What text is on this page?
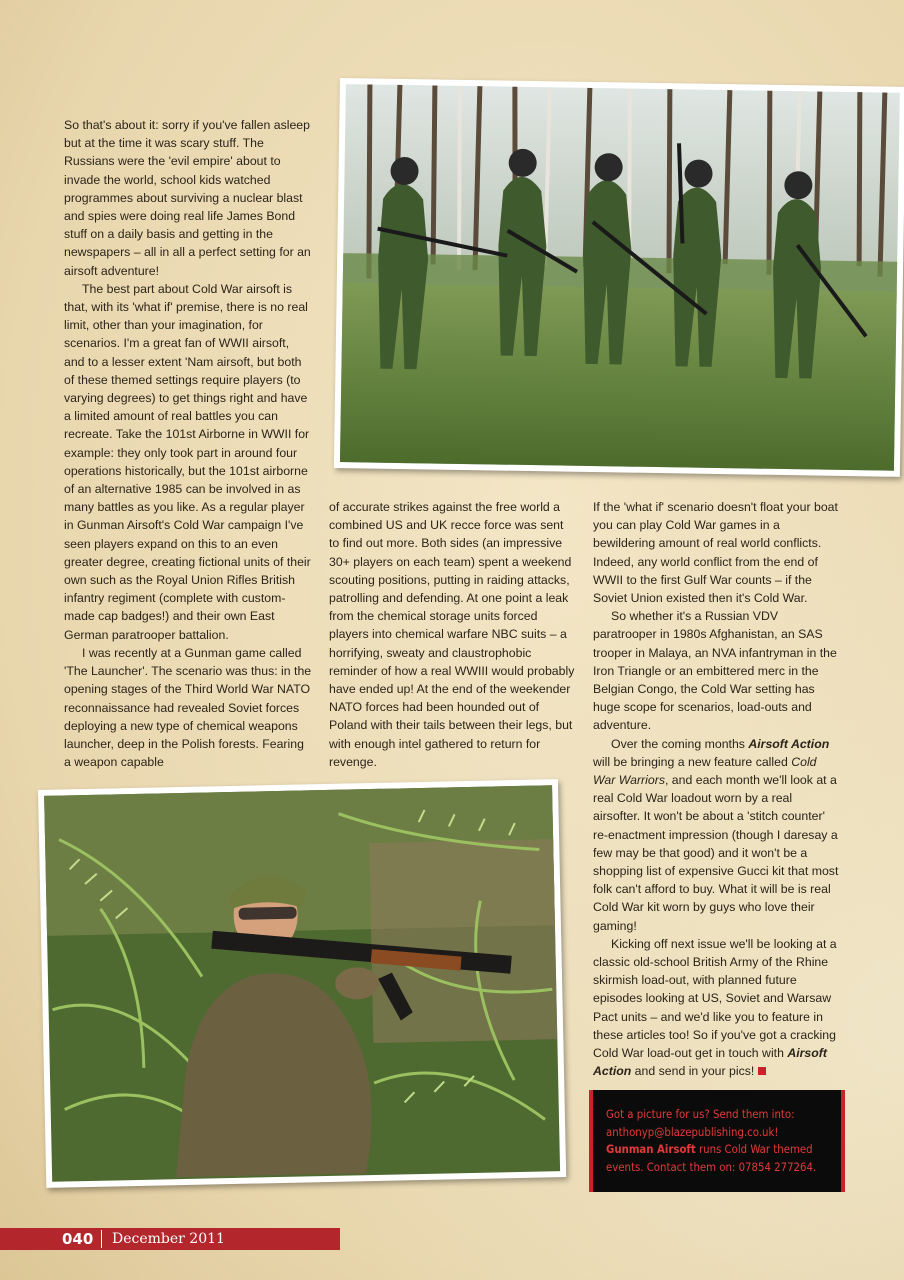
So that's about it: sorry if you've fallen asleep but at the time it was scary stuff. The Russians were the 'evil empire' about to invade the world, school kids watched programmes about surviving a nuclear blast and spies were doing real life James Bond stuff on a daily basis and getting in the newspapers – all in all a perfect setting for an airsoft adventure!

The best part about Cold War airsoft is that, with its 'what if' premise, there is no real limit, other than your imagination, for scenarios. I'm a great fan of WWII airsoft, and to a lesser extent 'Nam airsoft, but both of these themed settings require players (to varying degrees) to get things right and have a limited amount of real battles you can recreate. Take the 101st Airborne in WWII for example: they only took part in around four operations historically, but the 101st airborne of an alternative 1985 can be involved in as many battles as you like. As a regular player in Gunman Airsoft's Cold War campaign I've seen players expand on this to an even greater degree, creating fictional units of their own such as the Royal Union Rifles British infantry regiment (complete with custom-made cap badges!) and their own East German paratrooper battalion.

I was recently at a Gunman game called 'The Launcher'. The scenario was thus: in the opening stages of the Third World War NATO reconnaissance had revealed Soviet forces deploying a new type of chemical weapons launcher, deep in the Polish forests. Fearing a weapon capable

of accurate strikes against the free world a combined US and UK recce force was sent to find out more. Both sides (an impressive 30+ players on each team) spent a weekend scouting positions, putting in raiding attacks, patrolling and defending. At one point a leak from the chemical storage units forced players into chemical warfare NBC suits – a horrifying, sweaty and claustrophobic reminder of how a real WWIII would probably have ended up! At the end of the weekender NATO forces had been hounded out of Poland with their tails between their legs, but with enough intel gathered to return for revenge.

If the 'what if' scenario doesn't float your boat you can play Cold War games in a bewildering amount of real world conflicts. Indeed, any world conflict from the end of WWII to the first Gulf War counts – if the Soviet Union existed then it's Cold War.

So whether it's a Russian VDV paratrooper in 1980s Afghanistan, an SAS trooper in Malaya, an NVA infantryman in the Iron Triangle or an embittered merc in the Belgian Congo, the Cold War setting has huge scope for scenarios, load-outs and adventure.

Over the coming months Airsoft Action will be bringing a new feature called Cold War Warriors, and each month we'll look at a real Cold War loadout worn by a real airsofter. It won't be about a 'stitch counter' re-enactment impression (though I daresay a few may be that good) and it won't be a shopping list of expensive Gucci kit that most folk can't afford to buy. What it will be is real Cold War kit worn by guys who love their gaming!

Kicking off next issue we'll be looking at a classic old-school British Army of the Rhine skirmish load-out, with planned future episodes looking at US, Soviet and Warsaw Pact units – and we'd like you to feature in these articles too! So if you've got a cracking Cold War load-out get in touch with Airsoft Action and send in your pics!

Got a picture for us? Send them into:
anthonyp@blazepublishing.co.uk!
Gunman Airsoft runs Cold War themed events. Contact them on: 07854 277264.
040 December 2011
